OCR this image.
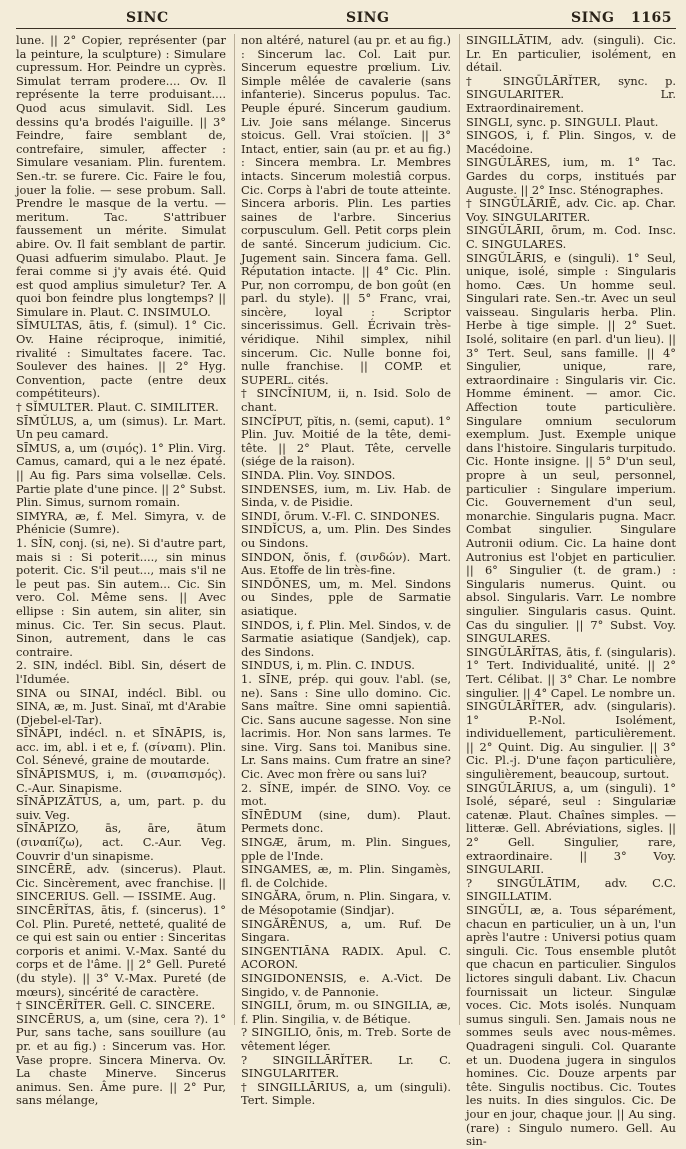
SINC	SING	SING 1165

lune. || 2° Copier, représenter (par la peinture, la sculpture) : Simulare cupressum. Hor. Peindre un cyprès. Simulat terram prodere.... Ov. Il représente la terre produisant.... Quod acus simulavit. Sidl. Les dessins qu'a brodés l'aiguille. || 3° Feindre, faire semblant de, contrefaire, simuler, affecter : Simulare vesaniam. Plin. furentem. Sen.-tr. se furere. Cic. Faire le fou, jouer la folie. — sese probum. Sall. Prendre le masque de la vertu. — meritum. Tac. S'attribuer faussement un mérite. Simulat abire. Ov. Il fait semblant de partir. Quasi adfuerim simulabo. Plaut. Je ferai comme si j'y avais été. Quid est quod amplius simuletur? Ter. A quoi bon feindre plus longtemps? || Simulare in. Plaut. C. INSIMULO.

SĬMULTAS, ātis, f. (simul). 1° Cic. Ov. Haine réciproque, inimitié, rivalité : Simultates facere. Tac. Soulever des haines. || 2° Hyg. Convention, pacte (entre deux compétiteurs).

† SĬMULTER. Plaut. C. SIMILITER.

SĪMŬLUS, a, um (simus). Lr. Mart. Un peu camard.

SĪMUS, a, um (σιμός). 1° Plin. Virg. Camus, camard, qui a le nez épaté. || Au fig. Pars sima volsellæ. Cels. Partie plate d'une pince. || 2° Subst. Plin. Simus, surnom romain.

SIMYRA, æ, f. Mel. Simyra, v. de Phénicie (Sumre).

1. SĬN, conj. (si, ne). Si d'autre part, mais si : Si poterit...., sin minus poterit. Cic. S'il peut..., mais s'il ne le peut pas. Sin autem... Cic. Sin vero. Col. Même sens. || Avec ellipse : Sin autem, sin aliter, sin minus. Cic. Ter. Sin secus. Plaut. Sinon, autrement, dans le cas contraire.

2. SIN, indécl. Bibl. Sin, désert de l'Idumée.

SINA ou SINAI, indécl. Bibl. ou SINA, æ, m. Just. Sinaï, mt d'Arabie (Djebel-el-Tar).

SĪNĀPI, indécl. n. et SĪNĀPIS, is, acc. im, abl. i et e, f. (σίναπι). Plin. Col. Sénevé, graine de moutarde.

SĪNĀPISMUS, i, m. (σιναπισμός). C.-Aur. Sinapisme.

SĪNĀPIZĀTUS, a, um, part. p. du suiv. Veg.

SĪNĀPIZO, ās, āre, ātum (σιναπίζω), act. C.-Aur. Veg. Couvrir d'un sinapisme.

SINCĒRĒ, adv. (sincerus). Plaut. Cic. Sincèrement, avec franchise. || SINCERIUS. Gell. — ISSIME. Aug.

SINCĒRĬTAS, ātis, f. (sincerus). 1° Col. Plin. Pureté, netteté, qualité de ce qui est sain ou entier : Sinceritas corporis et animi. V.-Max. Santé du corps et de l'âme. || 2° Gell. Pureté (du style). || 3° V.-Max. Pureté (de mœurs), sincérité de caractère.

† SINCĒRĬTER. Gell. C. SINCERE.

SINCĒRUS, a, um (sine, cera ?). 1° Pur, sans tache, sans souillure (au pr. et au fig.) : Sincerum vas. Hor. Vase propre. Sincera Minerva. Ov. La chaste Minerve. Sincerus animus. Sen. Âme pure. || 2° Pur, sans mélange,

non altéré, naturel (au pr. et au fig.) : Sincerum lac. Col. Lait pur. Sincerum equestre prœlium. Liv. Simple mêlée de cavalerie (sans infanterie). Sincerus populus. Tac. Peuple épuré. Sincerum gaudium. Liv. Joie sans mélange. Sincerus stoicus. Gell. Vrai stoïcien. || 3° Intact, entier, sain (au pr. et au fig.) : Sincera membra. Lr. Membres intacts. Sincerum molestiâ corpus. Cic. Corps à l'abri de toute atteinte. Sincera arboris. Plin. Les parties saines de l'arbre. Sincerius corpusculum. Gell. Petit corps plein de santé. Sincerum judicium. Cic. Jugement sain. Sincera fama. Gell. Réputation intacte. || 4° Cic. Plin. Pur, non corrompu, de bon goût (en parl. du style). || 5° Franc, vrai, sincère, loyal : Scriptor sincerissimus. Gell. Écrivain très-véridique. Nihil simplex, nihil sincerum. Cic. Nulle bonne foi, nulle franchise. || COMP. et SUPERL. cités.

† SINCĬNIUM, ii, n. Isid. Solo de chant.

SINCĬPUT, pĭtis, n. (semi, caput). 1° Plin. Juv. Moitié de la tête, demi-tête. || 2° Plaut. Tête, cervelle (siége de la raison).

SINDA. Plin. Voy. SINDOS.

SINDENSES, ium, m. Liv. Hab. de Sinda, v. de Pisidie.

SINDI, ōrum. V.-Fl. C. SINDONES.

SINDĬCUS, a, um. Plin. Des Sindes ou Sindons.

SINDON, ŏnis, f. (σινδών). Mart. Aus. Etoffe de lin très-fine.

SINDŌNES, um, m. Mel. Sindons ou Sindes, pple de Sarmatie asiatique.

SINDOS, i, f. Plin. Mel. Sindos, v. de Sarmatie asiatique (Sandjek), cap. des Sindons.

SINDUS, i, m. Plin. C. INDUS.

1. SĪNE, prép. qui gouv. l'abl. (se, ne). Sans : Sine ullo domino. Cic. Sans maître. Sine omni sapientiâ. Cic. Sans aucune sagesse. Non sine lacrimis. Hor. Non sans larmes. Te sine. Virg. Sans toi. Manibus sine. Lr. Sans mains. Cum fratre an sine? Cic. Avec mon frère ou sans lui?

2. SĬNE, impér. de SINO. Voy. ce mot.

SĪNĒDUM (sine, dum). Plaut. Permets donc.

SINGÆ, ārum, m. Plin. Singues, pple de l'Inde.

SINGAMES, æ, m. Plin. Singamès, fl. de Colchide.

SINGĂRA, ōrum, n. Plin. Singara, v. de Mésopotamie (Sindjar).

SINGĂRĒNUS, a, um. Ruf. De Singara.

SINGENTIĀNA RADIX. Apul. C. ACORON.

SINGIDONENSIS, e. A.-Vict. De Singido, v. de Pannonie.

SINGILI, ōrum, m. ou SINGILIA, æ, f. Plin. Singilia, v. de Bétique.

? SINGILIO, ōnis, m. Treb. Sorte de vêtement léger.

? SINGILLĀRĬTER. Lr. C. SINGULARITER.

† SINGILLĀRIUS, a, um (singuli). Tert. Simple.

SINGILLĀTIM, adv. (singuli). Cic. Lr. En particulier, isolément, en détail.

† SINGŪLĀRĬTER, sync. p. SINGULARITER. Lr. Extraordinairement.

SINGLI, sync. p. SINGULI. Plaut.

SINGOS, i, f. Plin. Singos, v. de Macédoine.

SINGŬLĀRES, ium, m. 1° Tac. Gardes du corps, institués par Auguste. || 2° Insc. Sténographes.

† SINGŬLĀRIĒ, adv. Cic. ap. Char. Voy. SINGULARITER.

SINGŬLĀRII, ōrum, m. Cod. Insc. C. SINGULARES.

SINGŬLĀRIS, e (singuli). 1° Seul, unique, isolé, simple : Singularis homo. Cæs. Un homme seul. Singulari rate. Sen.-tr. Avec un seul vaisseau. Singularis herba. Plin. Herbe à tige simple. || 2° Suet. Isolé, solitaire (en parl. d'un lieu). || 3° Tert. Seul, sans famille. || 4° Singulier, unique, rare, extraordinaire : Singularis vir. Cic. Homme éminent. — amor. Cic. Affection toute particulière. Singulare omnium seculorum exemplum. Just. Exemple unique dans l'histoire. Singularis turpitudo. Cic. Honte insigne. || 5° D'un seul, propre à un seul, personnel, particulier : Singulare imperium. Cic. Gouvernement d'un seul, monarchie. Singularis pugna. Macr. Combat singulier. Singulare Autronii odium. Cic. La haine dont Autronius est l'objet en particulier. || 6° Singulier (t. de gram.) : Singularis numerus. Quint. ou absol. Singularis. Varr. Le nombre singulier. Singularis casus. Quint. Cas du singulier. || 7° Subst. Voy. SINGULARES.

SINGŬLĀRĬTAS, ātis, f. (singularis). 1° Tert. Individualité, unité. || 2° Tert. Célibat. || 3° Char. Le nombre singulier. || 4° Capel. Le nombre un.

SINGŬLĀRĬTER, adv. (singularis). 1° P.-Nol. Isolément, individuellement, particulièrement. || 2° Quint. Dig. Au singulier. || 3° Cic. Pl.-j. D'une façon particulière, singulièrement, beaucoup, surtout.

SINGŬLĀRIUS, a, um (singuli). 1° Isolé, séparé, seul : Singulariæ catenæ. Plaut. Chaînes simples. — litteræ. Gell. Abréviations, sigles. || 2° Gell. Singulier, rare, extraordinaire. || 3° Voy. SINGULARII.

? SINGŬLĀTIM, adv. C.C. SINGILLATIM.

SINGŬLI, æ, a. Tous séparément, chacun en particulier, un à un, l'un après l'autre : Universi potius quam singuli. Cic. Tous ensemble plutôt que chacun en particulier. Singulos lictores singuli dabant. Liv. Chacun fournissait un licteur. Singulæ voces. Cic. Mots isolés. Nunquam sumus singuli. Sen. Jamais nous ne sommes seuls avec nous-mêmes. Quadrageni singuli. Col. Quarante et un. Duodena jugera in singulos homines. Cic. Douze arpents par tête. Singulis noctibus. Cic. Toutes les nuits. In dies singulos. Cic. De jour en jour, chaque jour. || Au sing. (rare) : Singulo numero. Gell. Au sin-
